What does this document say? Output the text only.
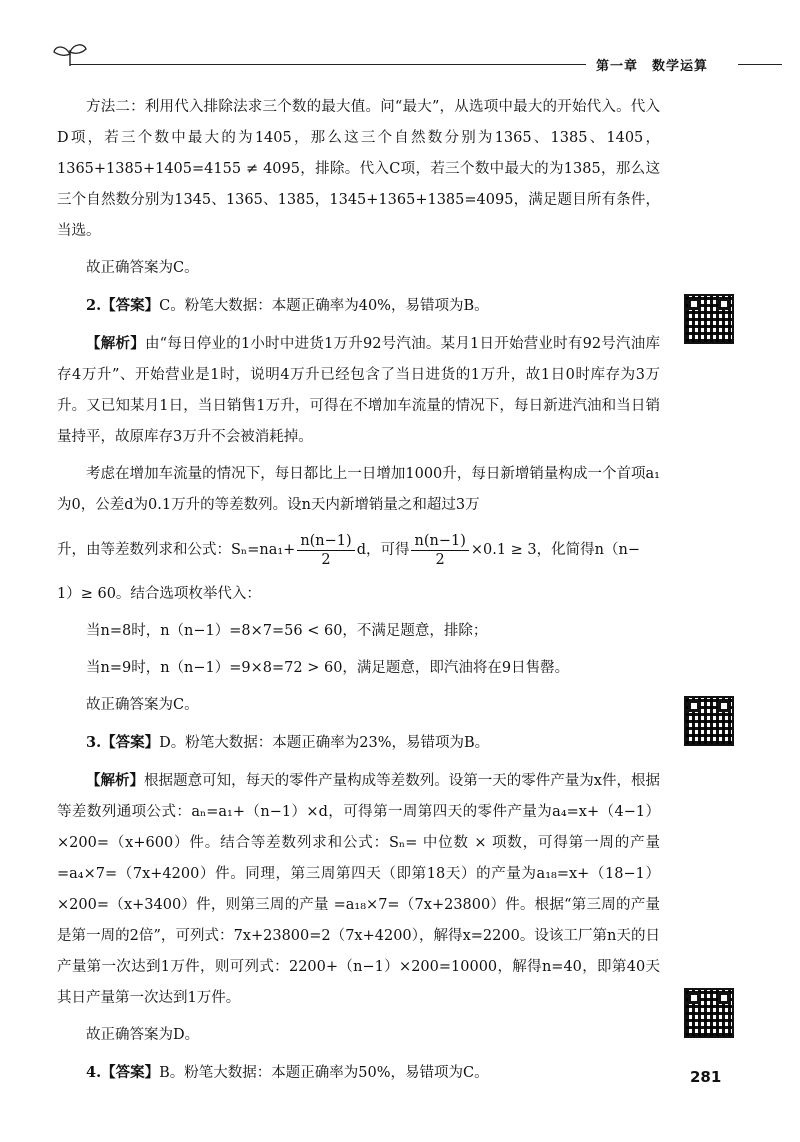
第一章 数学运算

方法二：利用代入排除法求三个数的最大值。问“最大”，从选项中最大的开始代入。代入D项，若三个数中最大的为1405，那么这三个自然数分别为1365、1385、1405，1365+1385+1405=4155 ≠ 4095，排除。代入C项，若三个数中最大的为1385，那么这三个自然数分别为1345、1365、1385，1345+1365+1385=4095，满足题目所有条件，当选。

故正确答案为C。

2.【答案】C。粉笔大数据：本题正确率为40%，易错项为B。

【解析】由“每日停业的1小时中进货1万升92号汽油。某月1日开始营业时有92号汽油库存4万升”、开始营业是1时，说明4万升已经包含了当日进货的1万升，故1日0时库存为3万升。又已知某月1日，当日销售1万升，可得在不增加车流量的情况下，每日新进汽油和当日销量持平，故原库存3万升不会被消耗掉。

考虑在增加车流量的情况下，每日都比上一日增加1000升，每日新增销量构成一个首项a₁为0，公差d为0.1万升的等差数列。设n天内新增销量之和超过3万

升，由等差数列求和公式：$S_n=na_1+ \frac{n(n-1)}{2}$ d，可得 $\frac{n(n-1)}{2} \times 0.1 \ge 3$，化简得n（n−

1）≥ 60。结合选项枚举代入：

当n=8时，n（n−1）=8×7=56 < 60，不满足题意，排除；

当n=9时，n（n−1）=9×8=72 > 60，满足题意，即汽油将在9日售罄。

故正确答案为C。

3.【答案】D。粉笔大数据：本题正确率为23%，易错项为B。

【解析】根据题意可知，每天的零件产量构成等差数列。设第一天的零件产量为x件，根据等差数列通项公式：aₙ=a₁+（n−1）×d，可得第一周第四天的零件产量为a₄=x+（4−1）×200=（x+600）件。结合等差数列求和公式：Sₙ= 中位数 × 项数，可得第一周的产量 =a₄×7=（7x+4200）件。同理，第三周第四天（即第18天）的产量为a₁₈=x+（18−1）×200=（x+3400）件，则第三周的产量 =a₁₈×7=（7x+23800）件。根据“第三周的产量是第一周的2倍”，可列式：7x+23800=2（7x+4200），解得x=2200。设该工厂第n天的日产量第一次达到1万件，则可列式：2200+（n−1）×200=10000，解得n=40，即第40天其日产量第一次达到1万件。

故正确答案为D。

4.【答案】B。粉笔大数据：本题正确率为50%，易错项为C。	281
